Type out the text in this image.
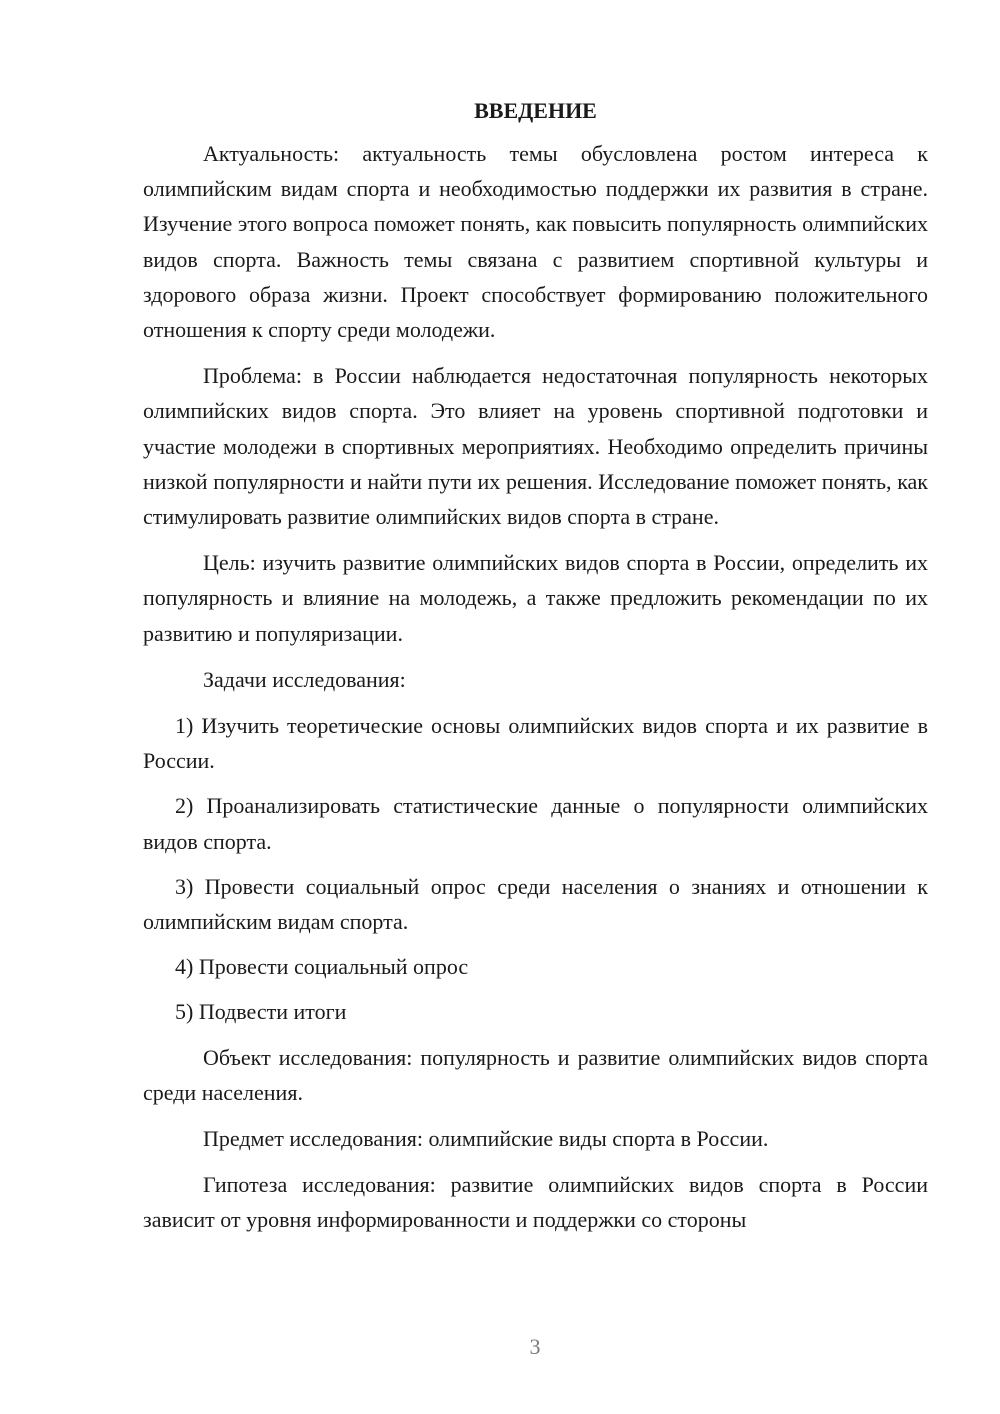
ВВЕДЕНИЕ

Актуальность: актуальность темы обусловлена ростом интереса к олимпийским видам спорта и необходимостью поддержки их развития в стране. Изучение этого вопроса поможет понять, как повысить популярность олимпийских видов спорта. Важность темы связана с развитием спортивной культуры и здорового образа жизни. Проект способствует формированию положительного отношения к спорту среди молодежи.

Проблема: в России наблюдается недостаточная популярность некоторых олимпийских видов спорта. Это влияет на уровень спортивной подготовки и участие молодежи в спортивных мероприятиях. Необходимо определить причины низкой популярности и найти пути их решения. Исследование поможет понять, как стимулировать развитие олимпийских видов спорта в стране.

Цель: изучить развитие олимпийских видов спорта в России, определить их популярность и влияние на молодежь, а также предложить рекомендации по их развитию и популяризации.

Задачи исследования:

1) Изучить теоретические основы олимпийских видов спорта и их развитие в России.

2) Проанализировать статистические данные о популярности олимпийских видов спорта.

3) Провести социальный опрос среди населения о знаниях и отношении к олимпийским видам спорта.

4) Провести социальный опрос

5) Подвести итоги

Объект исследования: популярность и развитие олимпийских видов спорта среди населения.

Предмет исследования: олимпийские виды спорта в России.

Гипотеза исследования: развитие олимпийских видов спорта в России зависит от уровня информированности и поддержки со стороны

3
